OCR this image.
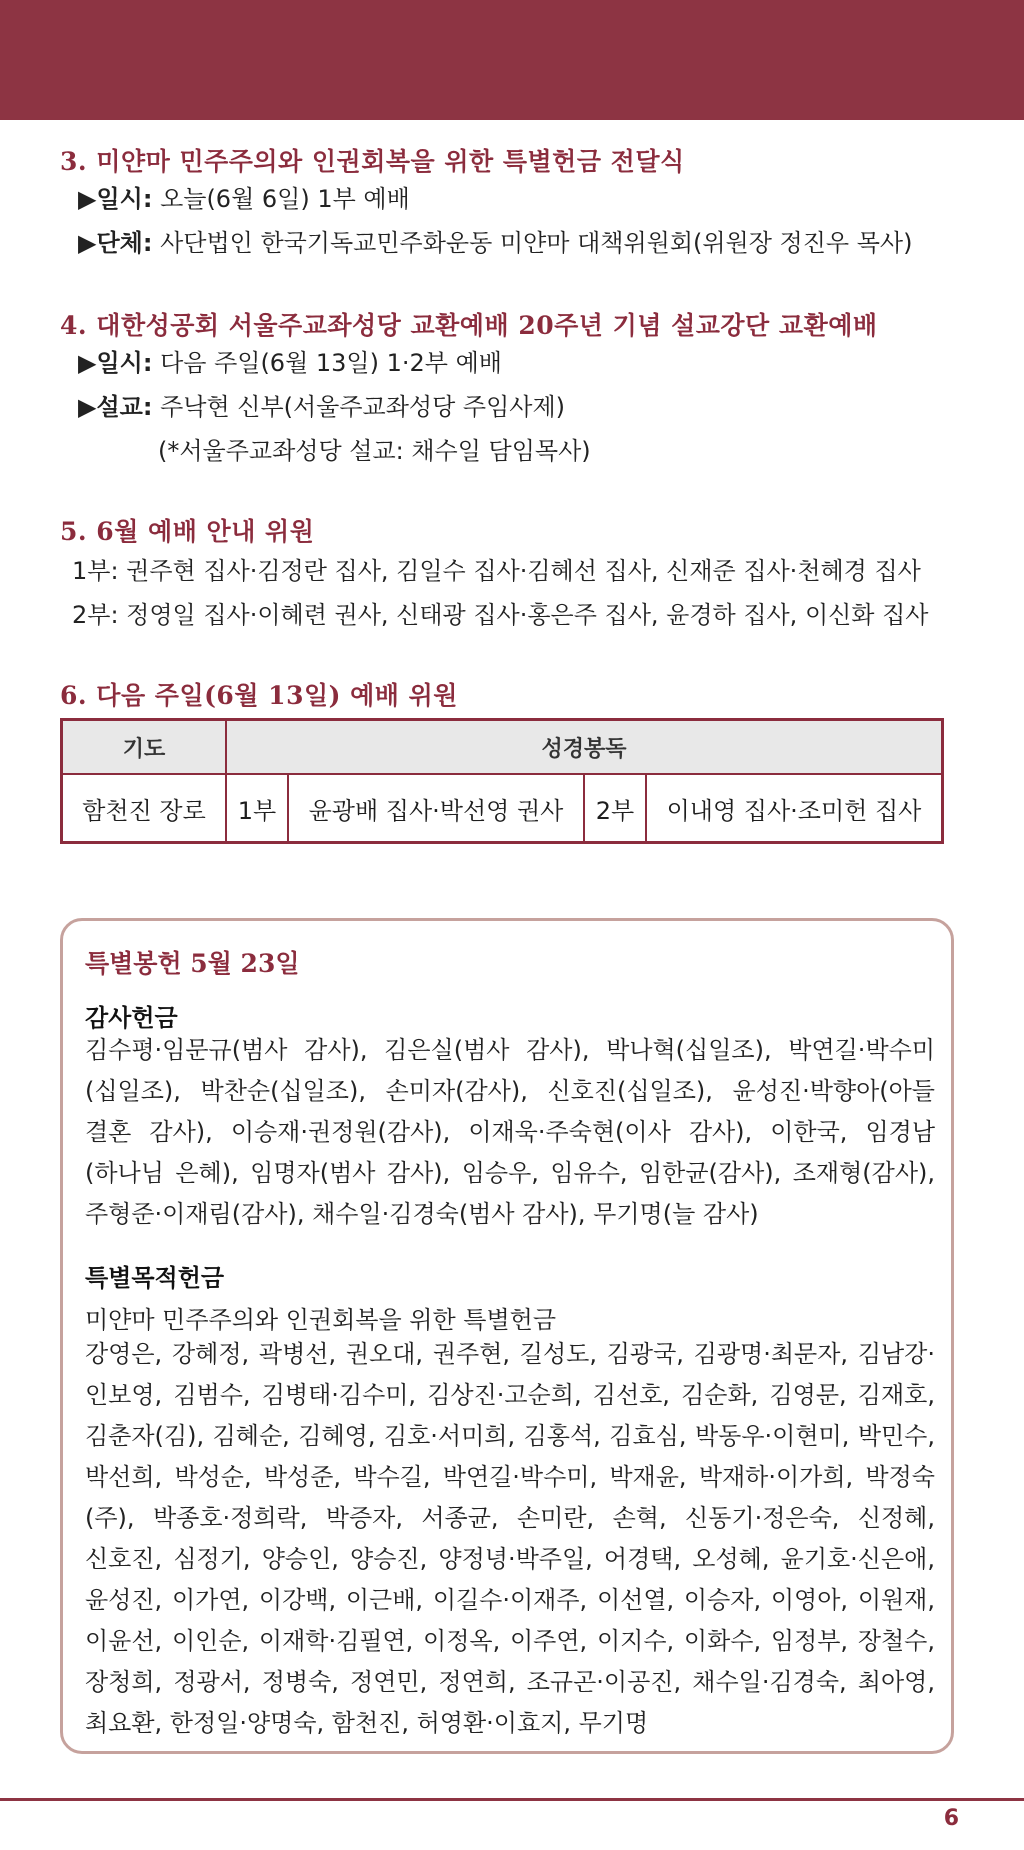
3. 미얀마 민주주의와 인권회복을 위한 특별헌금 전달식
▶일시: 오늘(6월 6일) 1부 예배
▶단체: 사단법인 한국기독교민주화운동 미얀마 대책위원회(위원장 정진우 목사)
4. 대한성공회 서울주교좌성당 교환예배 20주년 기념 설교강단 교환예배
▶일시: 다음 주일(6월 13일) 1·2부 예배
▶설교: 주낙현 신부(서울주교좌성당 주임사제)
(*서울주교좌성당 설교: 채수일 담임목사)
5. 6월 예배 안내 위원
1부: 권주현 집사·김정란 집사, 김일수 집사·김혜선 집사, 신재준 집사·천혜경 집사
2부: 정영일 집사·이혜련 권사, 신태광 집사·홍은주 집사, 윤경하 집사, 이신화 집사
6. 다음 주일(6월 13일) 예배 위원
기도	성경봉독			
함천진 장로	1부	윤광배 집사·박선영 권사	2부	이내영 집사·조미헌 집사
특별봉헌 5월 23일
감사헌금
김수평·임문규(범사 감사), 김은실(범사 감사), 박나혁(십일조), 박연길·박수미(십일조), 박찬순(십일조), 손미자(감사), 신호진(십일조), 윤성진·박향아(아들 결혼 감사), 이승재·권정원(감사), 이재욱·주숙현(이사 감사), 이한국, 임경남(하나님 은혜), 임명자(범사 감사), 임승우, 임유수, 임한균(감사), 조재형(감사), 주형준·이재림(감사), 채수일·김경숙(범사 감사), 무기명(늘 감사)
특별목적헌금
미얀마 민주주의와 인권회복을 위한 특별헌금
강영은, 강혜정, 곽병선, 권오대, 권주현, 길성도, 김광국, 김광명·최문자, 김남강·인보영, 김범수, 김병태·김수미, 김상진·고순희, 김선호, 김순화, 김영문, 김재호, 김춘자(김), 김혜순, 김혜영, 김호·서미희, 김홍석, 김효심, 박동우·이현미, 박민수, 박선희, 박성순, 박성준, 박수길, 박연길·박수미, 박재윤, 박재하·이가희, 박정숙(주), 박종호·정희락, 박증자, 서종균, 손미란, 손혁, 신동기·정은숙, 신정혜, 신호진, 심정기, 양승인, 양승진, 양정녕·박주일, 어경택, 오성혜, 윤기호·신은애, 윤성진, 이가연, 이강백, 이근배, 이길수·이재주, 이선열, 이승자, 이영아, 이원재, 이윤선, 이인순, 이재학·김필연, 이정옥, 이주연, 이지수, 이화수, 임정부, 장철수, 장청희, 정광서, 정병숙, 정연민, 정연희, 조규곤·이공진, 채수일·김경숙, 최아영, 최요환, 한정일·양명숙, 함천진, 허영환·이효지, 무기명
6
